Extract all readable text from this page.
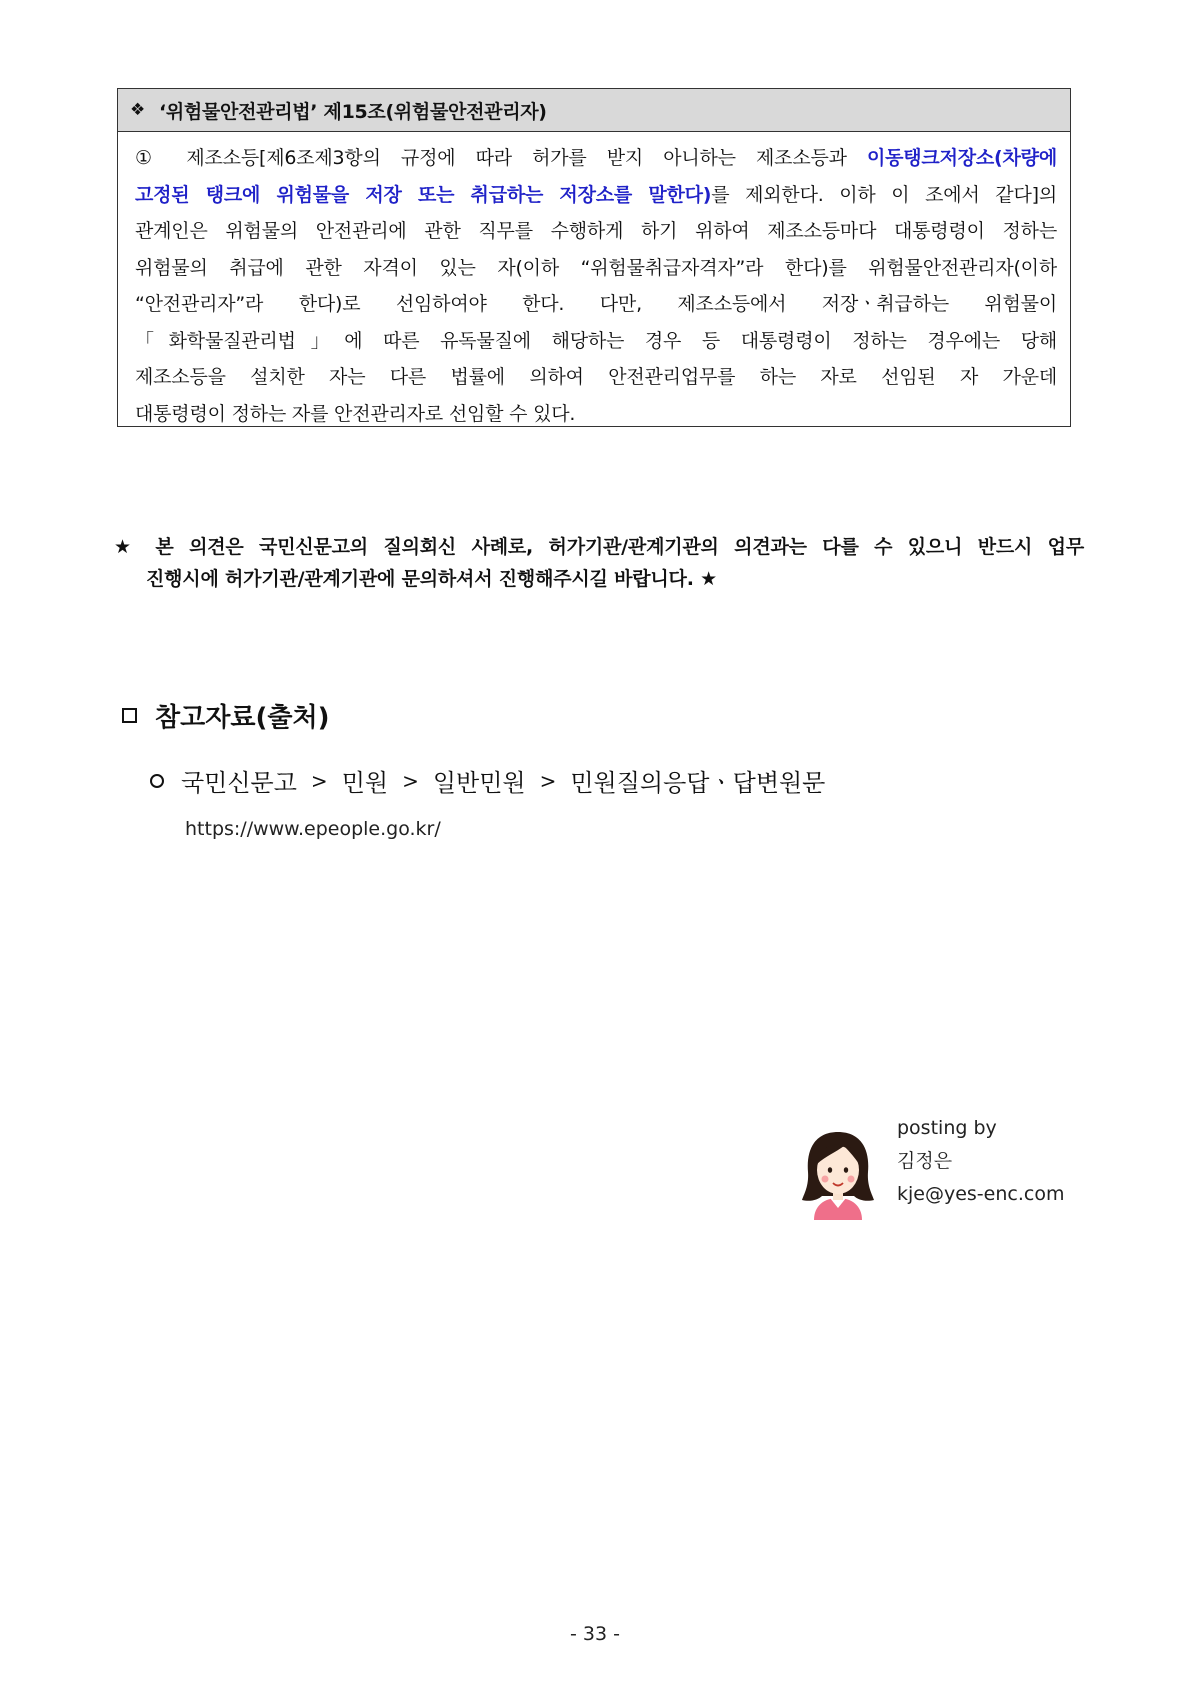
❖ ‘위험물안전관리법’ 제15조(위험물안전관리자)
① 제조소등[제6조제3항의 규정에 따라 허가를 받지 아니하는 제조소등과 이동탱크저장소(차량에
고정된 탱크에 위험물을 저장 또는 취급하는 저장소를 말한다)를 제외한다. 이하 이 조에서 같다]의
관계인은 위험물의 안전관리에 관한 직무를 수행하게 하기 위하여 제조소등마다 대통령령이 정하는
위험물의 취급에 관한 자격이 있는 자(이하 “위험물취급자격자”라 한다)를 위험물안전관리자(이하
“안전관리자”라 한다)로 선임하여야 한다. 다만, 제조소등에서 저장ㆍ취급하는 위험물이
「화학물질관리법」에 따른 유독물질에 해당하는 경우 등 대통령령이 정하는 경우에는 당해
제조소등을 설치한 자는 다른 법률에 의하여 안전관리업무를 하는 자로 선임된 자 가운데
대통령령이 정하는 자를 안전관리자로 선임할 수 있다.
★ 본 의견은 국민신문고의 질의회신 사례로, 허가기관/관계기관의 의견과는 다를 수 있으니 반드시 업무
진행시에 허가기관/관계기관에 문의하셔서 진행해주시길 바랍니다. ★
참고자료(출처)
국민신문고 > 민원 > 일반민원 > 민원질의응답ㆍ답변원문
https://www.epeople.go.kr/
posting by
김정은
kje@yes-enc.com
- 33 -
